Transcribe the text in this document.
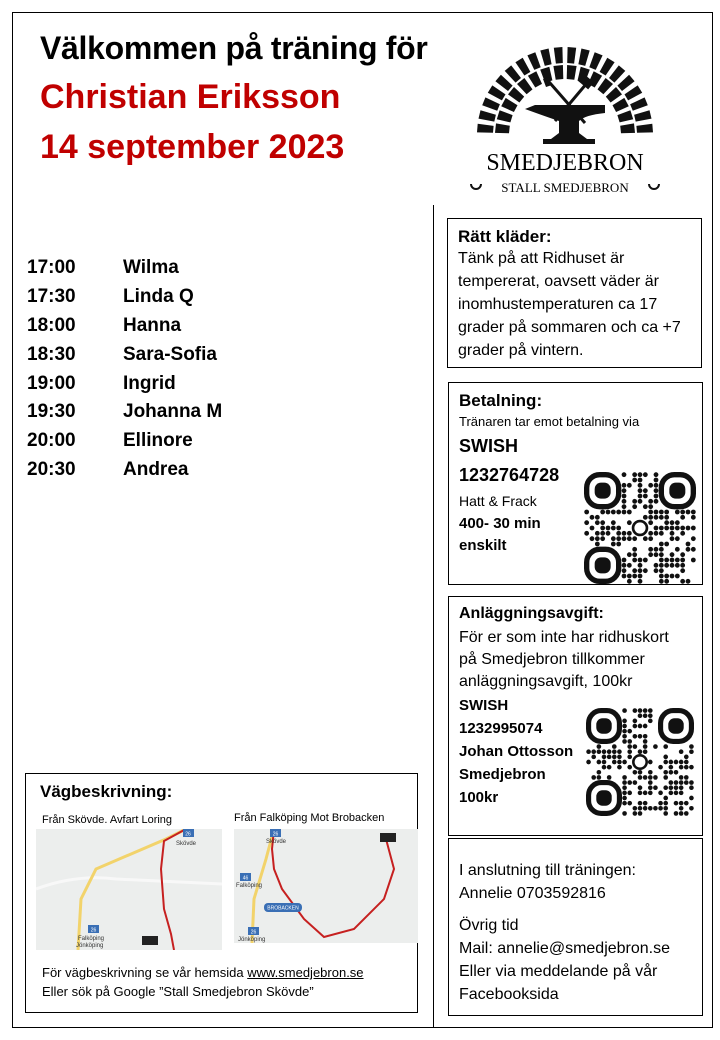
Välkommen på träning för
Christian Eriksson
14 september 2023	SMEDJEBRON
STALL SMEDJEBRON
17:00	Wilma
17:30	Linda Q
18:00	Hanna
18:30	Sara-Sofia
19:00	Ingrid
19:30	Johanna M
20:00	Ellinore
20:30	Andrea
Rätt kläder:
Tänk på att Ridhuset är
tempererat, oavsett väder är
inomhustemperaturen ca 17
grader på sommaren och ca +7
grader på vintern.
Betalning:
Tränaren tar emot betalning via
SWISH
1232764728
Hatt & Frack
400- 30 min
enskilt
Anläggningsavgift:
För er som inte har ridhuskort
på Smedjebron tillkommer
anläggningsavgift, 100kr
SWISH
1232995074
Johan Ottosson
Smedjebron
100kr
I anslutning till träningen:
Annelie 0703592816
Övrig tid
Mail: annelie@smedjebron.se
Eller via meddelande på vår
Facebooksida
Vägbeskrivning:
Från Skövde. Avfart Loring	Från Falköping Mot Brobacken
26
Skövde
26
Falköping
Jönköping
26
Skövde
46
Falköping
BROBACKEN
26
Jönköping
För vägbeskrivning se vår hemsida www.smedjebron.se
Eller sök på Google ”Stall Smedjebron Skövde”
